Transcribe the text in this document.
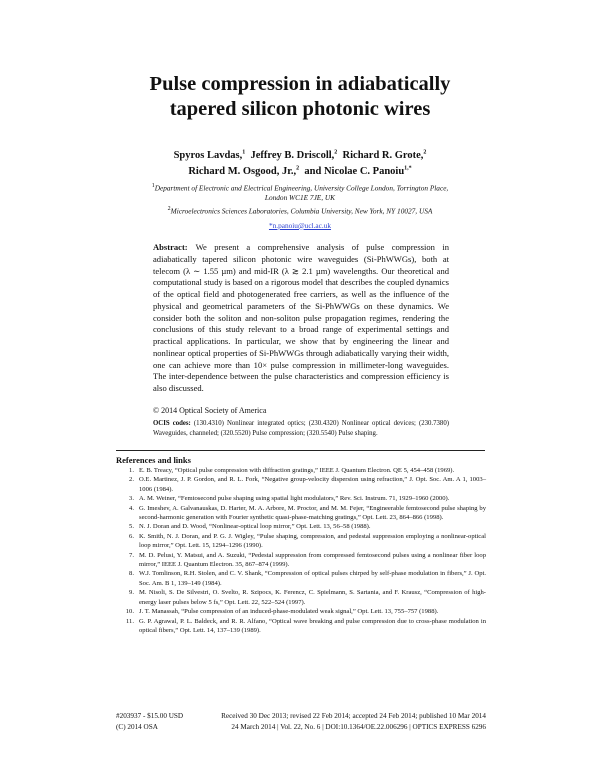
Pulse compression in adiabatically
tapered silicon photonic wires
Spyros Lavdas,$^1$ Jeffrey B. Driscoll,$^2$ Richard R. Grote,$^2$
Richard M. Osgood, Jr.,$^2$ and Nicolae C. Panoiu$^{1,*}$
$^1$Department of Electronic and Electrical Engineering, University College London, Torrington Place, London WC1E 7JE, UK
$^2$Microelectronics Sciences Laboratories, Columbia University, New York, NY 10027, USA
*n.panoiu@ucl.ac.uk
Abstract: We present a comprehensive analysis of pulse compression in adiabatically tapered silicon photonic wire waveguides (Si-PhWWGs), both at telecom (λ ∼ 1.55 µm) and mid-IR (λ ≳ 2.1 µm) wavelengths. Our theoretical and computational study is based on a rigorous model that describes the coupled dynamics of the optical field and photogenerated free carriers, as well as the influence of the physical and geometrical parameters of the Si-PhWWGs on these dynamics. We consider both the soliton and non-soliton pulse propagation regimes, rendering the conclusions of this study relevant to a broad range of experimental settings and practical applications. In particular, we show that by engineering the linear and nonlinear optical properties of Si-PhWWGs through adiabatically varying their width, one can achieve more than 10× pulse compression in millimeter-long waveguides. The inter-dependence between the pulse characteristics and compression efficiency is also discussed.
© 2014 Optical Society of America
OCIS codes: (130.4310) Nonlinear integrated optics; (230.4320) Nonlinear optical devices; (230.7380) Waveguides, channeled; (320.5520) Pulse compression; (320.5540) Pulse shaping.
References and links
1. E. B. Treacy, “Optical pulse compression with diffraction gratings,” IEEE J. Quantum Electron. QE 5, 454–458 (1969).
2. O.E. Martinez, J. P. Gordon, and R. L. Fork, “Negative group-velocity dispersion using refraction,” J. Opt. Soc. Am. A 1, 1003–1006 (1984).
3. A. M. Weiner, “Femtosecond pulse shaping using spatial light modulators,” Rev. Sci. Instrum. 71, 1929–1960 (2000).
4. G. Imeshev, A. Galvanauskas, D. Harter, M. A. Arbore, M. Proctor, and M. M. Fejer, “Engineerable femtosecond pulse shaping by second-harmonic generation with Fourier synthetic quasi-phase-matching gratings,” Opt. Lett. 23, 864–866 (1998).
5. N. J. Doran and D. Wood, “Nonlinear-optical loop mirror,” Opt. Lett. 13, 56–58 (1988).
6. K. Smith, N. J. Doran, and P. G. J. Wigley, “Pulse shaping, compression, and pedestal suppression employing a nonlinear-optical loop mirror,” Opt. Lett. 15, 1294–1296 (1990).
7. M. D. Pelusi, Y. Matsui, and A. Suzuki, “Pedestal suppression from compressed femtosecond pulses using a nonlinear fiber loop mirror,” IEEE J. Quantum Electron. 35, 867–874 (1999).
8. W.J. Tomlinson, R.H. Stolen, and C. V. Shank, “Compression of optical pulses chirped by self-phase modulation in fibers,” J. Opt. Soc. Am. B 1, 139–149 (1984).
9. M. Nisoli, S. De Silvestri, O. Svelto, R. Szipocs, K. Ferencz, C. Spielmann, S. Sartania, and F. Krausz, “Compression of high-energy laser pulses below 5 fs,” Opt. Lett. 22, 522–524 (1997).
10. J. T. Manassah, “Pulse compression of an induced-phase-modulated weak signal,” Opt. Lett. 13, 755–757 (1988).
11. G. P. Agrawal, P. L. Baldeck, and R. R. Alfano, “Optical wave breaking and pulse compression due to cross-phase modulation in optical fibers,” Opt. Lett. 14, 137–139 (1989).
#203937 - $15.00 USD	Received 30 Dec 2013; revised 22 Feb 2014; accepted 24 Feb 2014; published 10 Mar 2014
(C) 2014 OSA	24 March 2014 | Vol. 22, No. 6 | DOI:10.1364/OE.22.006296 | OPTICS EXPRESS 6296
